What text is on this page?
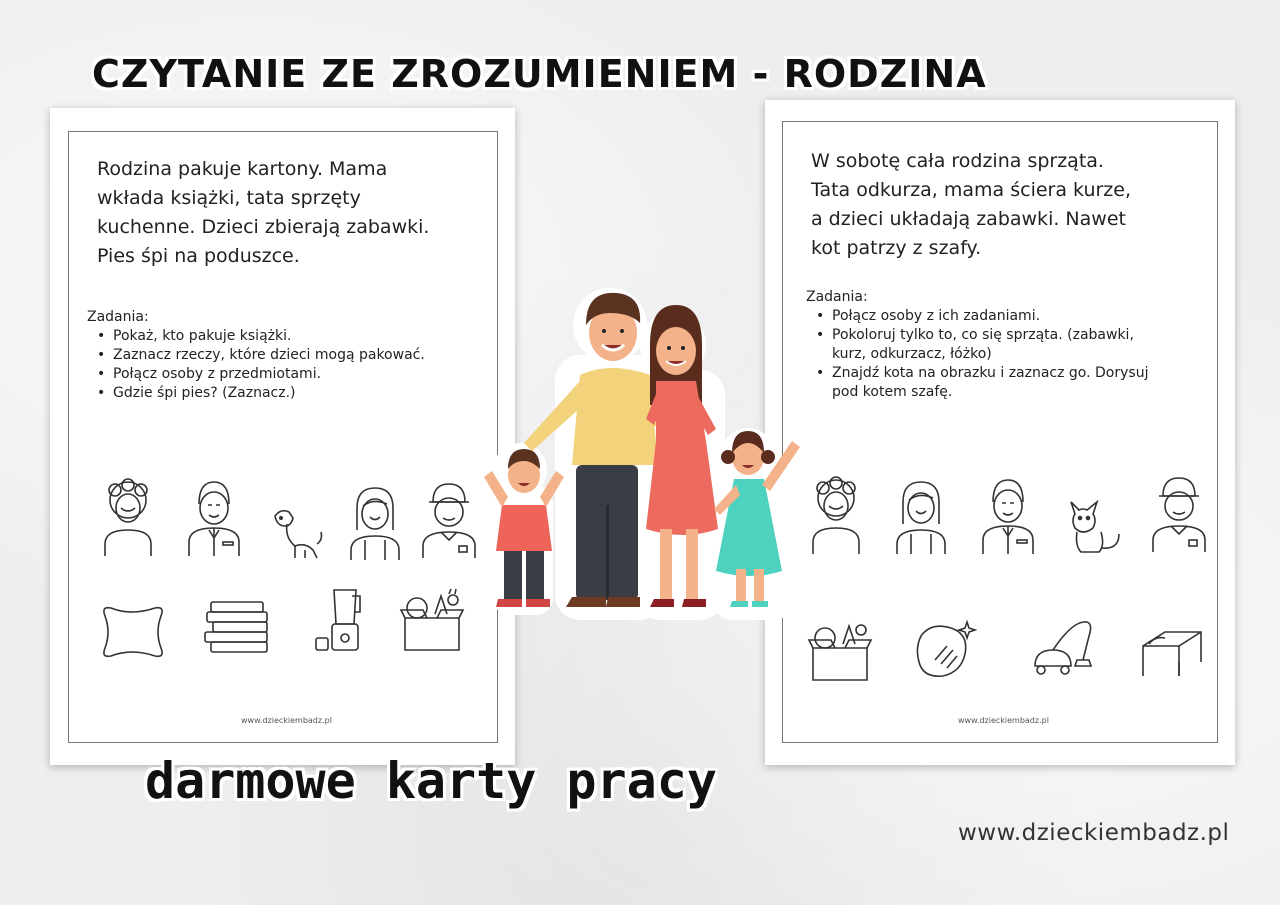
CZYTANIE ZE ZROZUMIENIEM - RODZINA
Rodzina pakuje kartony. Mama
wkłada książki, tata sprzęty
kuchenne. Dzieci zbierają zabawki.
Pies śpi na poduszce.
Zadania:
• Pokaż, kto pakuje książki.
• Zaznacz rzeczy, które dzieci mogą pakować.
• Połącz osoby z przedmiotami.
• Gdzie śpi pies? (Zaznacz.)
www.dzieckiembadz.pl
W sobotę cała rodzina sprząta.
Tata odkurza, mama ściera kurze,
a dzieci układają zabawki. Nawet
kot patrzy z szafy.
Zadania:
• Połącz osoby z ich zadaniami.
• Pokoloruj tylko to, co się sprząta. (zabawki,
kurz, odkurzacz, łóżko)
• Znajdź kota na obrazku i zaznacz go. Dorysuj
pod kotem szafę.
www.dzieckiembadz.pl
darmowe karty pracy
www.dzieckiembadz.pl
